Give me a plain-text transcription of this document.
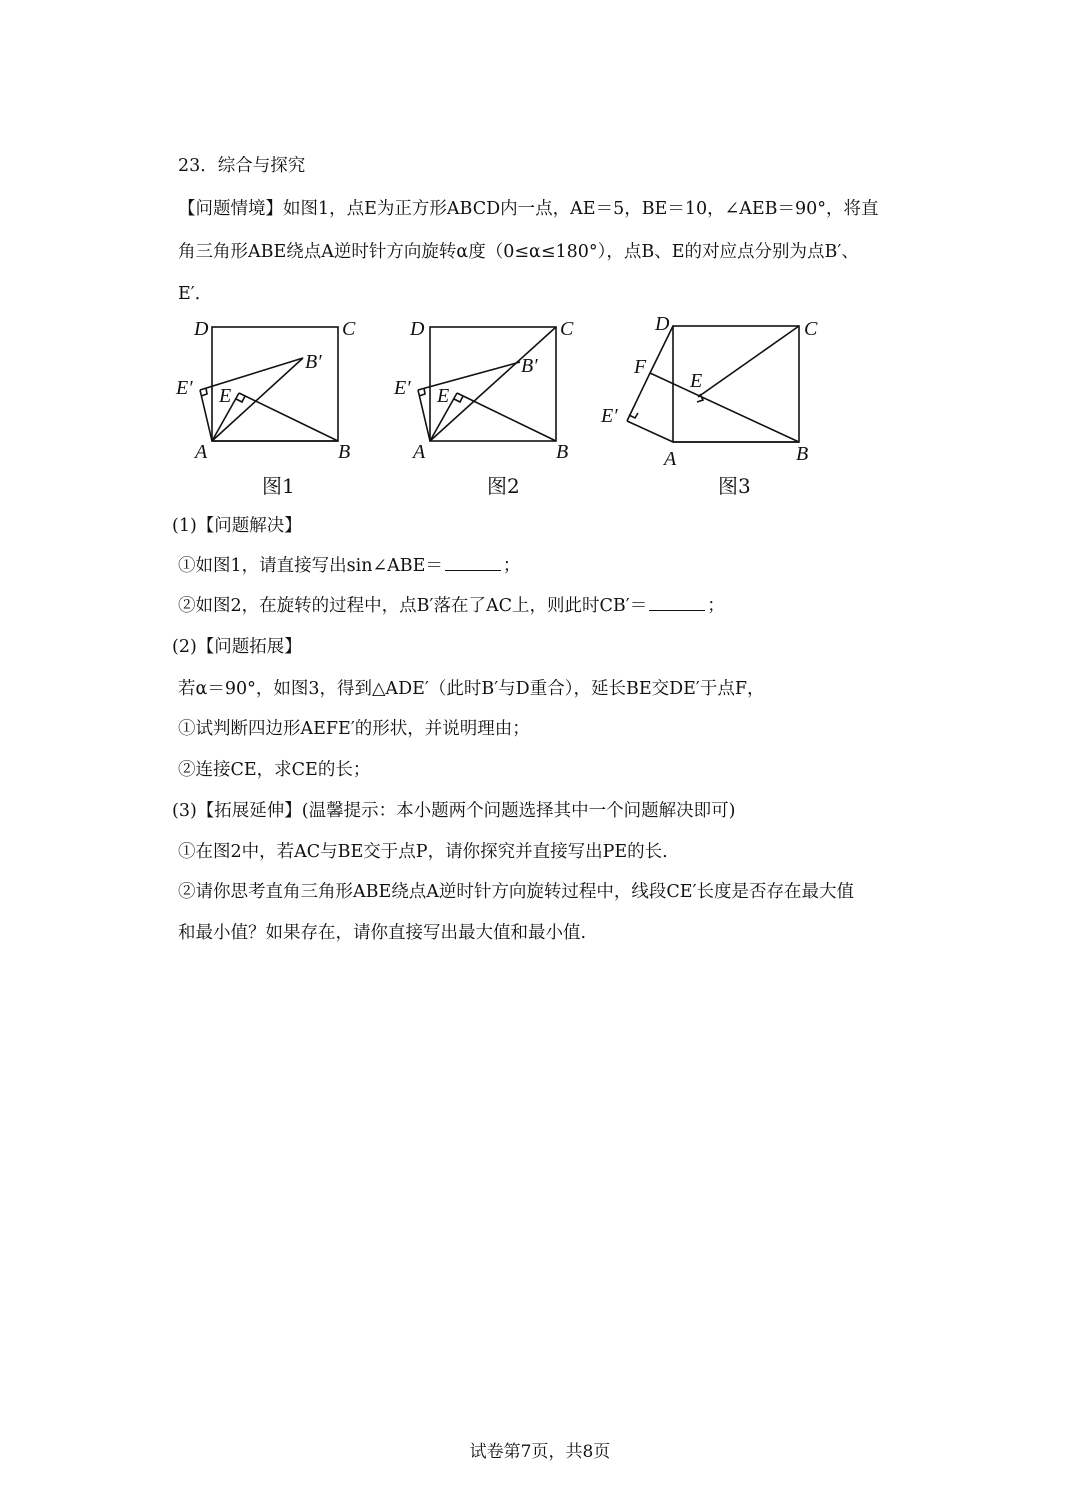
23．综合与探究
【问题情境】如图1，点E为正方形ABCD内一点，AE＝5，BE＝10，∠AEB＝90°，将直
角三角形ABE绕点A逆时针方向旋转α度（0≤α≤180°），点B、E的对应点分别为点B′、
E′．
D	C
B′
E′ E
A	B
图1
D	C
B′
E′ E
A	B
图2
D	C
F
E
E′
A	B
图3
(1)【问题解决】
①如图1，请直接写出sin∠ABE＝	；
②如图2，在旋转的过程中，点B′落在了AC上，则此时CB′＝	；
(2)【问题拓展】
若α＝90°，如图3，得到△ADE′（此时B′与D重合），延长BE交DE′于点F，
①试判断四边形AEFE′的形状，并说明理由；
②连接CE，求CE的长；
(3)【拓展延伸】(温馨提示：本小题两个问题选择其中一个问题解决即可)
①在图2中，若AC与BE交于点P，请你探究并直接写出PE的长.
②请你思考直角三角形ABE绕点A逆时针方向旋转过程中，线段CE′长度是否存在最大值
和最小值？如果存在，请你直接写出最大值和最小值.
试卷第7页，共8页
